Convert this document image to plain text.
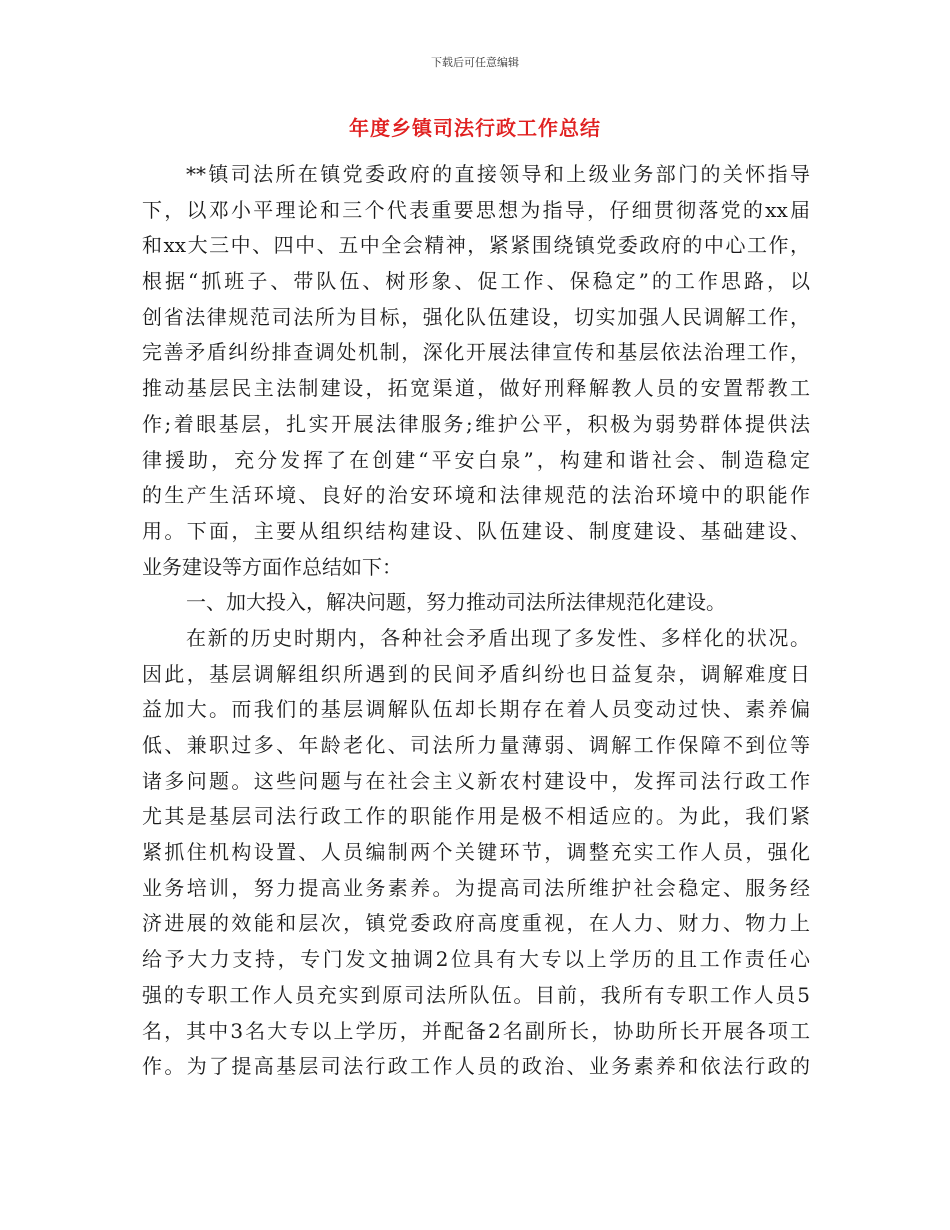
下载后可任意编辑
年度乡镇司法行政工作总结
**镇司法所在镇党委政府的直接领导和上级业务部门的关怀指导
下，以邓小平理论和三个代表重要思想为指导，仔细贯彻落党的xx届
和xx大三中、四中、五中全会精神，紧紧围绕镇党委政府的中心工作，
根据“抓班子、带队伍、树形象、促工作、保稳定”的工作思路，以
创省法律规范司法所为目标，强化队伍建设，切实加强人民调解工作，
完善矛盾纠纷排查调处机制，深化开展法律宣传和基层依法治理工作，
推动基层民主法制建设，拓宽渠道，做好刑释解教人员的安置帮教工
作;着眼基层，扎实开展法律服务;维护公平，积极为弱势群体提供法
律援助，充分发挥了在创建“平安白泉”，构建和谐社会、制造稳定
的生产生活环境、良好的治安环境和法律规范的法治环境中的职能作
用。下面，主要从组织结构建设、队伍建设、制度建设、基础建设、
业务建设等方面作总结如下：
一、加大投入，解决问题，努力推动司法所法律规范化建设。
在新的历史时期内，各种社会矛盾出现了多发性、多样化的状况。
因此，基层调解组织所遇到的民间矛盾纠纷也日益复杂，调解难度日
益加大。而我们的基层调解队伍却长期存在着人员变动过快、素养偏
低、兼职过多、年龄老化、司法所力量薄弱、调解工作保障不到位等
诸多问题。这些问题与在社会主义新农村建设中，发挥司法行政工作
尤其是基层司法行政工作的职能作用是极不相适应的。为此，我们紧
紧抓住机构设置、人员编制两个关键环节，调整充实工作人员，强化
业务培训，努力提高业务素养。为提高司法所维护社会稳定、服务经
济进展的效能和层次，镇党委政府高度重视，在人力、财力、物力上
给予大力支持，专门发文抽调2位具有大专以上学历的且工作责任心
强的专职工作人员充实到原司法所队伍。目前，我所有专职工作人员5
名，其中3名大专以上学历，并配备2名副所长，协助所长开展各项工
作。为了提高基层司法行政工作人员的政治、业务素养和依法行政的
